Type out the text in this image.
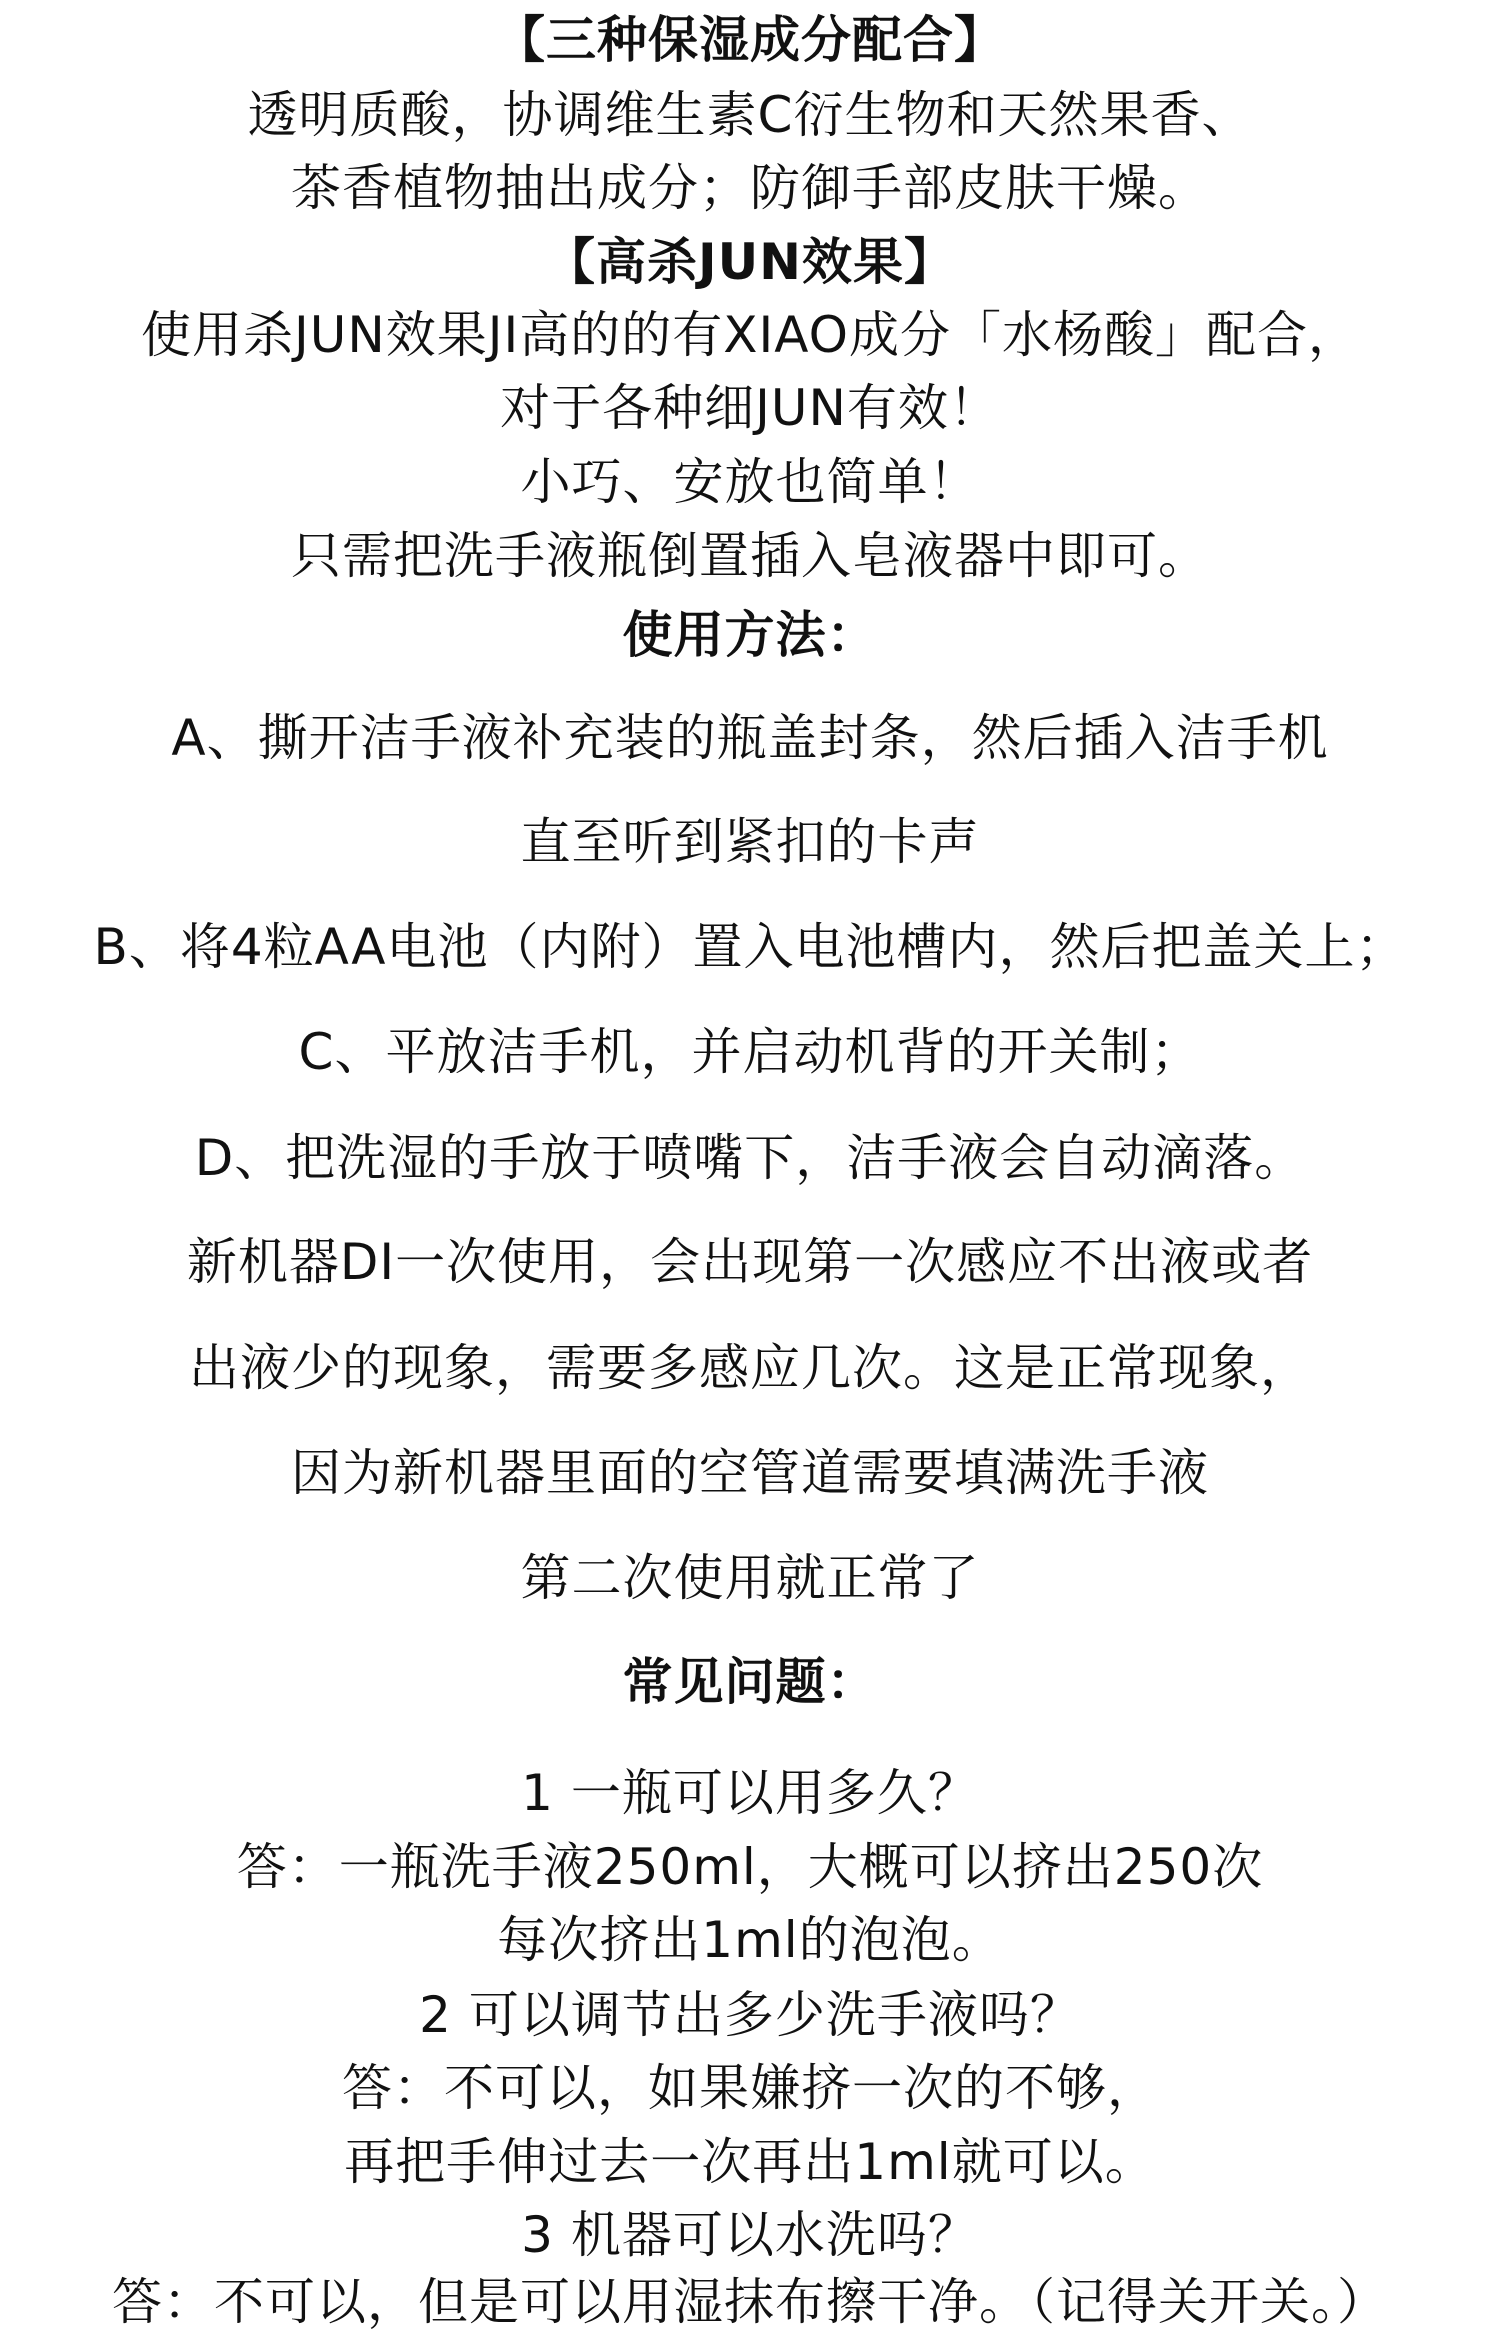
【三种保湿成分配合】
透明质酸，协调维生素C衍生物和天然果香、
茶香植物抽出成分；防御手部皮肤干燥。
【高杀JUN效果】
使用杀JUN效果JI高的的有XIAO成分「水杨酸」配合，
对于各种细JUN有效！
小巧、安放也简单！
只需把洗手液瓶倒置插入皂液器中即可。
使用方法：
A、撕开洁手液补充装的瓶盖封条，然后插入洁手机
直至听到紧扣的卡声
B、将4粒AA电池（内附）置入电池槽内，然后把盖关上；
C、平放洁手机，并启动机背的开关制；
D、把洗湿的手放于喷嘴下，洁手液会自动滴落。
新机器DI一次使用，会出现第一次感应不出液或者
出液少的现象，需要多感应几次。这是正常现象，
因为新机器里面的空管道需要填满洗手液
第二次使用就正常了
常见问题：
1 一瓶可以用多久？
答：一瓶洗手液250ml，大概可以挤出250次
每次挤出1ml的泡泡。
2 可以调节出多少洗手液吗？
答：不可以，如果嫌挤一次的不够，
再把手伸过去一次再出1ml就可以。
3 机器可以水洗吗？
答：不可以，但是可以用湿抹布擦干净。（记得关开关。）
